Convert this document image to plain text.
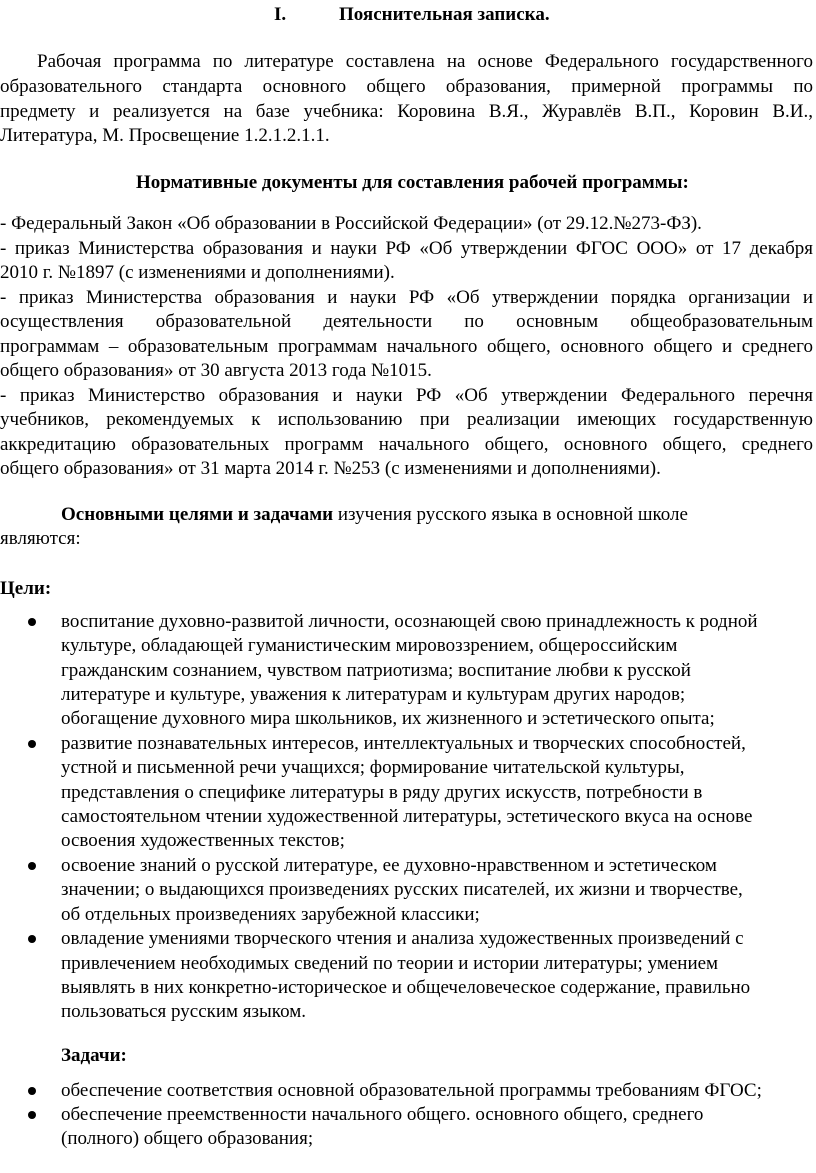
I.	Пояснительная записка.
Рабочая программа по литературе составлена на основе Федерального государственного
образовательного стандарта основного общего образования, примерной программы по
предмету и реализуется на базе учебника: Коровина В.Я., Журавлёв В.П., Коровин В.И.,
Литература, М. Просвещение 1.2.1.2.1.1.
Нормативные документы для составления рабочей программы:
- Федеральный Закон «Об образовании в Российской Федерации» (от 29.12.№273-ФЗ).
- приказ Министерства образования и науки РФ «Об утверждении ФГОС ООО» от 17 декабря
2010 г. №1897 (с изменениями и дополнениями).
- приказ Министерства образования и науки РФ «Об утверждении порядка организации и
осуществления образовательной деятельности по основным общеобразовательным
программам – образовательным программам начального общего, основного общего и среднего
общего образования» от 30 августа 2013 года №1015.
- приказ Министерство образования и науки РФ «Об утверждении Федерального перечня
учебников, рекомендуемых к использованию при реализации имеющих государственную
аккредитацию образовательных программ начального общего, основного общего, среднего
общего образования» от 31 марта 2014 г. №253 (с изменениями и дополнениями).
Основными целями и задачами изучения русского языка в основной школе
являются:
Цели:
воспитание духовно-развитой личности, осознающей свою принадлежность к родной
культуре, обладающей гуманистическим мировоззрением, общероссийским
гражданским сознанием, чувством патриотизма; воспитание любви к русской
литературе и культуре, уважения к литературам и культурам других народов;
обогащение духовного мира школьников, их жизненного и эстетического опыта;
развитие познавательных интересов, интеллектуальных и творческих способностей,
устной и письменной речи учащихся; формирование читательской культуры,
представления о специфике литературы в ряду других искусств, потребности в
самостоятельном чтении художественной литературы, эстетического вкуса на основе
освоения художественных текстов;
освоение знаний о русской литературе, ее духовно-нравственном и эстетическом
значении; о выдающихся произведениях русских писателей, их жизни и творчестве,
об отдельных произведениях зарубежной классики;
овладение умениями творческого чтения и анализа художественных произведений с
привлечением необходимых сведений по теории и истории литературы; умением
выявлять в них конкретно-историческое и общечеловеческое содержание, правильно
пользоваться русским языком.
Задачи:
обеспечение соответствия основной образовательной программы требованиям ФГОС;
обеспечение преемственности начального общего. основного общего, среднего
(полного) общего образования;
